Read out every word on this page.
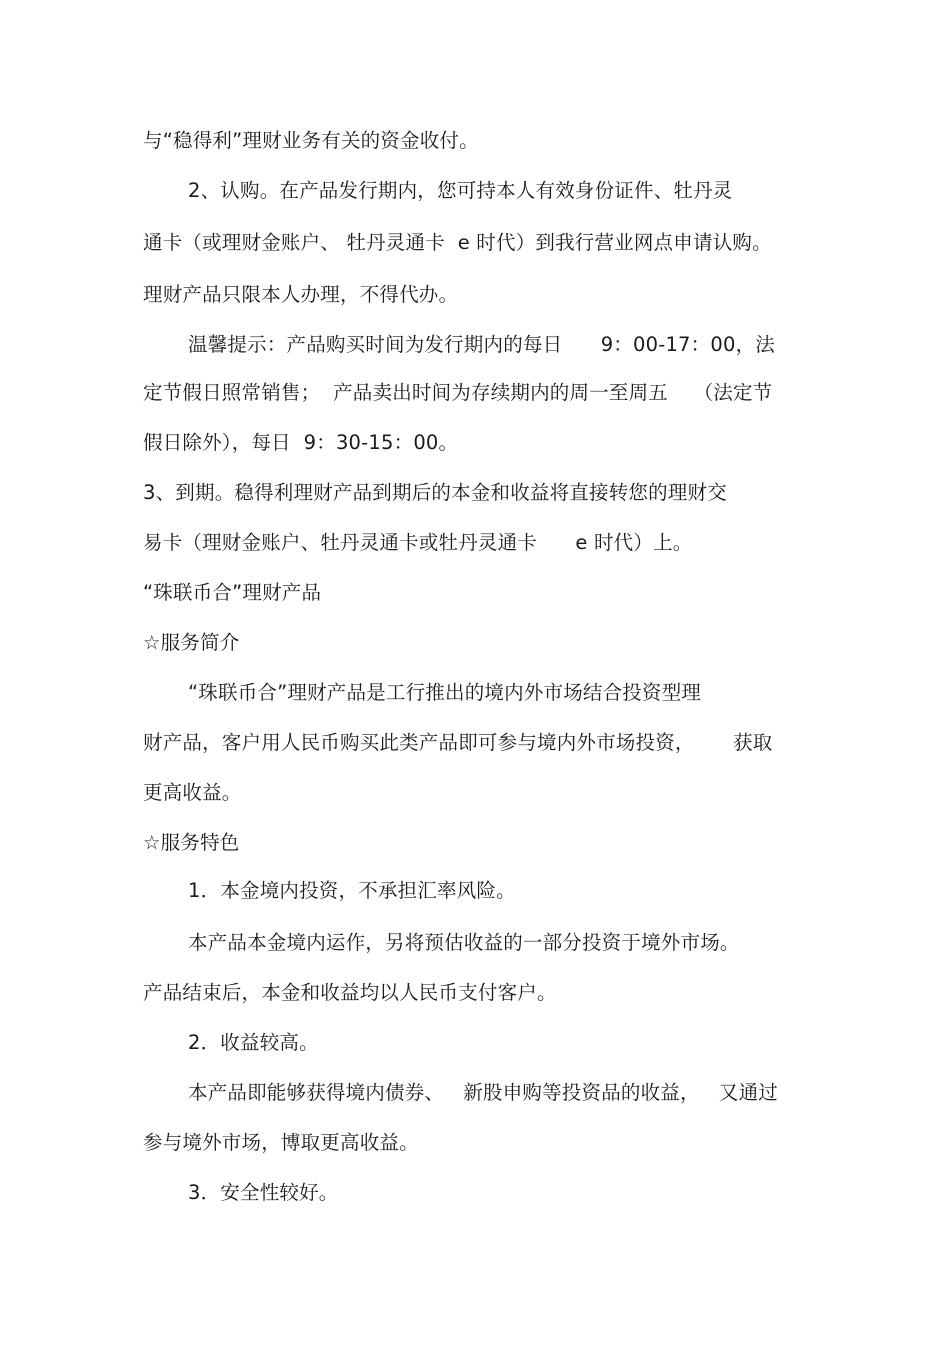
与“稳得利”理财业务有关的资金收付。

2、认购。在产品发行期内，您可持本人有效身份证件、牡丹灵

通卡（或理财金账户、 牡丹灵通卡  e 时代）到我行营业网点申请认购。

理财产品只限本人办理，不得代办。

温馨提示：产品购买时间为发行期内的每日      9：00-17：00，法

定节假日照常销售；  产品卖出时间为存续期内的周一至周五    （法定节

假日除外），每日  9：30-15：00。

3、到期。稳得利理财产品到期后的本金和收益将直接转您的理财交

易卡（理财金账户、牡丹灵通卡或牡丹灵通卡      e 时代）上。

“珠联币合”理财产品

☆服务简介

“珠联币合”理财产品是工行推出的境内外市场结合投资型理

财产品，客户用人民币购买此类产品即可参与境内外市场投资，      获取

更高收益。

☆服务特色

1．本金境内投资，不承担汇率风险。

本产品本金境内运作，另将预估收益的一部分投资于境外市场。

产品结束后，本金和收益均以人民币支付客户。

2．收益较高。

本产品即能够获得境内债券、   新股申购等投资品的收益，   又通过

参与境外市场，博取更高收益。

3．安全性较好。
